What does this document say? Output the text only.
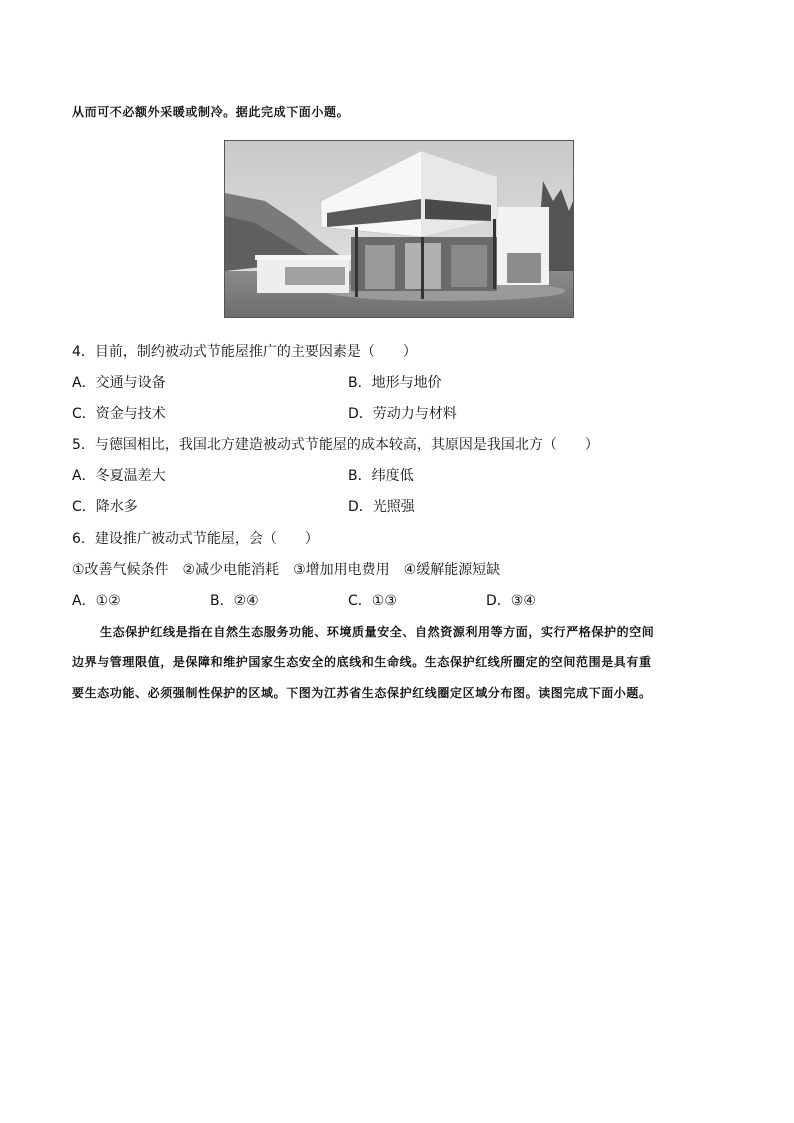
从而可不必额外采暖或制冷。据此完成下面小题。
4．目前，制约被动式节能屋推广的主要因素是（　　）
A．交通与设备	B．地形与地价
C．资金与技术	D．劳动力与材料
5．与德国相比，我国北方建造被动式节能屋的成本较高，其原因是我国北方（　　）
A．冬夏温差大	B．纬度低
C．降水多	D．光照强
6．建设推广被动式节能屋，会（　　）
①改善气候条件　②减少电能消耗　③增加用电费用　④缓解能源短缺
A．①②	B．②④	C．①③	D．③④
生态保护红线是指在自然生态服务功能、环境质量安全、自然资源利用等方面，实行严格保护的空间
边界与管理限值，是保障和维护国家生态安全的底线和生命线。生态保护红线所圈定的空间范围是具有重
要生态功能、必须强制性保护的区域。下图为江苏省生态保护红线圈定区域分布图。读图完成下面小题。
